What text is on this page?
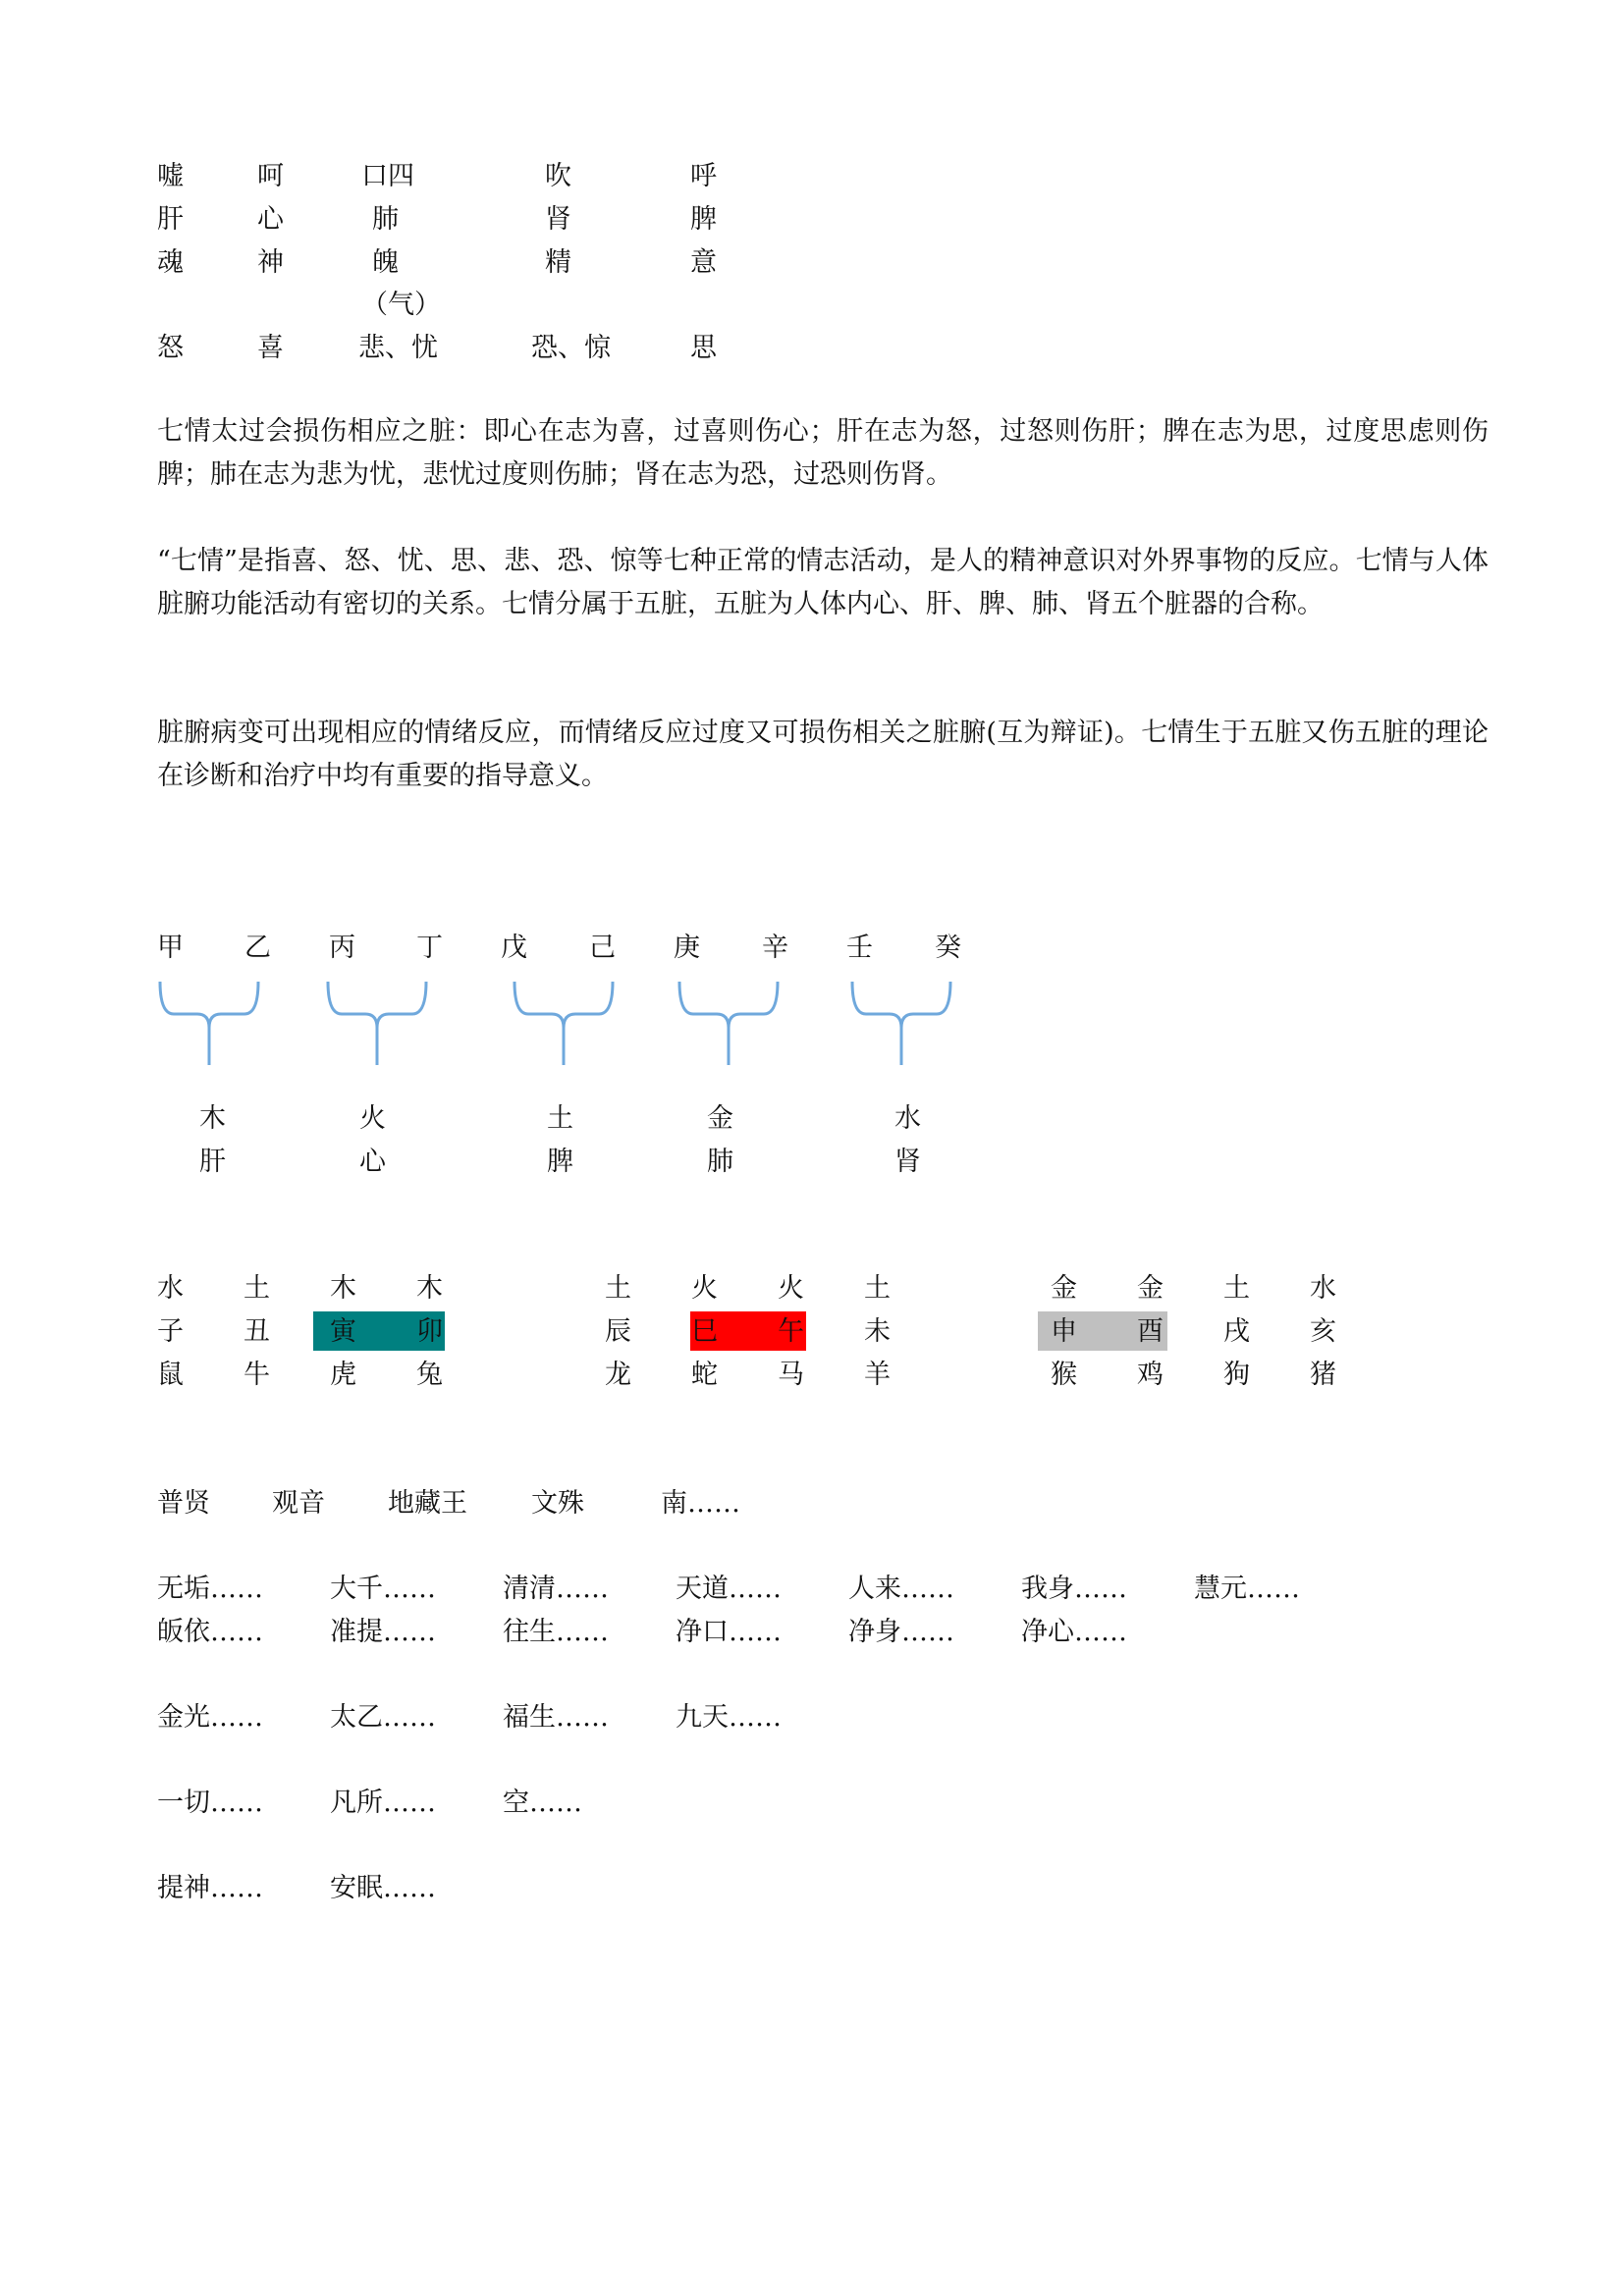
嘘	呵	口四	吹	呼
肝	心	肺	肾	脾
魂	神	魄	精	意
（气）
怒	喜	悲、忧	恐、惊	思

七情太过会损伤相应之脏：即心在志为喜，过喜则伤心；肝在志为怒，过怒则伤肝；脾在志为思，过度思虑则伤脾；肺在志为悲为忧，悲忧过度则伤肺；肾在志为恐，过恐则伤肾。

“七情”是指喜、怒、忧、思、悲、恐、惊等七种正常的情志活动，是人的精神意识对外界事物的反应。七情与人体脏腑功能活动有密切的关系。七情分属于五脏，五脏为人体内心、肝、脾、肺、肾五个脏器的合称。

脏腑病变可出现相应的情绪反应，而情绪反应过度又可损伤相关之脏腑(互为辩证)。七情生于五脏又伤五脏的理论在诊断和治疗中均有重要的指导意义。

甲 乙 丙 丁 戊 己 庚 辛 壬 癸
木	火	土	金	水
肝	心	脾	肺	肾
水 土 木 木
子 丑 寅 卯
鼠 牛 虎 兔
土 火 火 土
辰 巳 午 未
龙 蛇 马 羊
金 金 土 水
申 酉 戌 亥
猴 鸡 狗 猪
普贤 观音 地藏王 文殊	南……
无垢……	大千……	清清……	天道……	人来……	我身……	慧元……
皈依……	准提……	往生……	净口……	净身……	净心……
金光……	太乙……	福生……	九天……
一切……	凡所……	空……
提神……	安眠……
